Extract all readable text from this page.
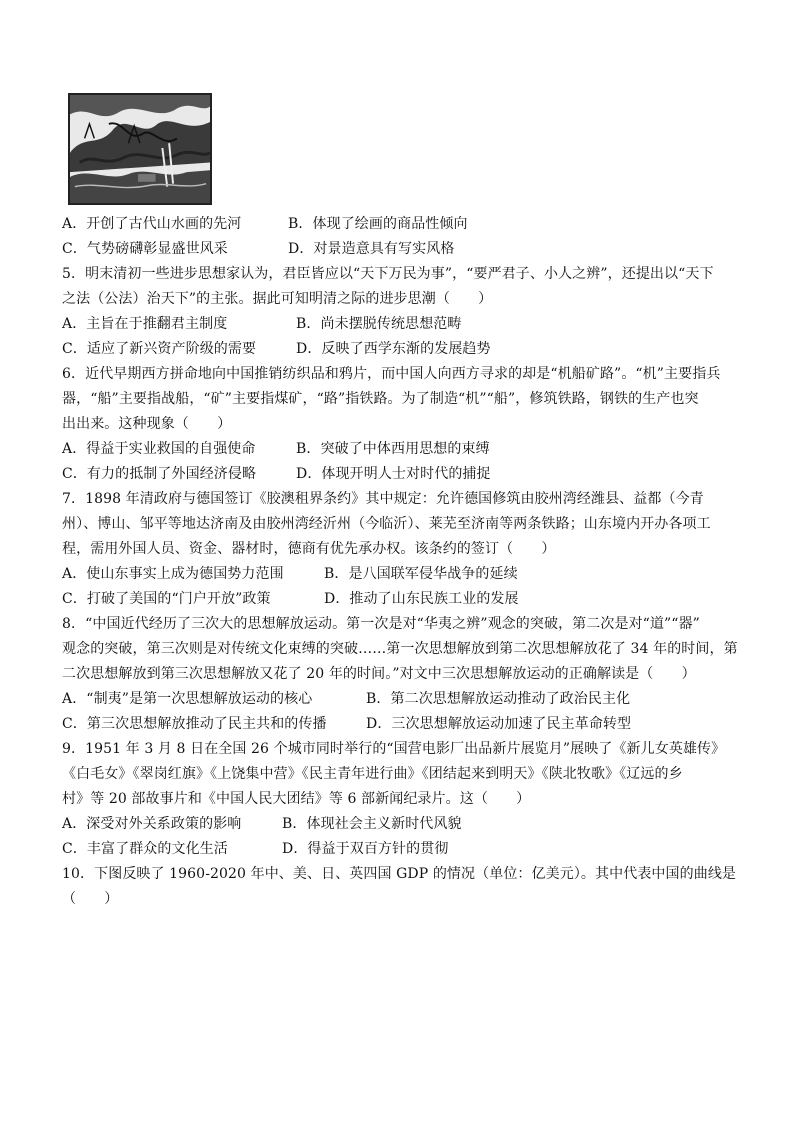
A．开创了古代山水画的先河	B．体现了绘画的商品性倾向
C．气势磅礴彰显盛世风采	D．对景造意具有写实风格
5．明末清初一些进步思想家认为，君臣皆应以“天下万民为事”，“要严君子、小人之辨”，还提出以“天下
之法（公法）治天下”的主张。据此可知明清之际的进步思潮（　　）
A．主旨在于推翻君主制度	B．尚未摆脱传统思想范畴
C．适应了新兴资产阶级的需要	D．反映了西学东渐的发展趋势
6．近代早期西方拼命地向中国推销纺织品和鸦片，而中国人向西方寻求的却是“机船矿路”。“机”主要指兵
器，“船”主要指战船，“矿”主要指煤矿，“路”指铁路。为了制造“机”“船”，修筑铁路，钢铁的生产也突
出出来。这种现象（　　）
A．得益于实业救国的自强使命	B．突破了中体西用思想的束缚
C．有力的抵制了外国经济侵略	D．体现开明人士对时代的捕捉
7．1898 年清政府与德国签订《胶澳租界条约》其中规定：允许德国修筑由胶州湾经潍县、益都（今青
州）、博山、邹平等地达济南及由胶州湾经沂州（今临沂）、莱芜至济南等两条铁路；山东境内开办各项工
程，需用外国人员、资金、器材时，德商有优先承办权。该条约的签订（　　）
A．使山东事实上成为德国势力范围	B．是八国联军侵华战争的延续
C．打破了美国的“门户开放”政策	D．推动了山东民族工业的发展
8．“中国近代经历了三次大的思想解放运动。第一次是对“华夷之辨”观念的突破，第二次是对“道”“器”
观念的突破，第三次则是对传统文化束缚的突破……第一次思想解放到第二次思想解放花了 34 年的时间，第
二次思想解放到第三次思想解放又花了 20 年的时间。”对文中三次思想解放运动的正确解读是（　　）
A．“制夷”是第一次思想解放运动的核心	B．第二次思想解放运动推动了政治民主化
C．第三次思想解放推动了民主共和的传播	D．三次思想解放运动加速了民主革命转型
9．1951 年 3 月 8 日在全国 26 个城市同时举行的“国营电影厂出品新片展览月”展映了《新儿女英雄传》
《白毛女》《翠岗红旗》《上饶集中营》《民主青年进行曲》《团结起来到明天》《陕北牧歌》《辽远的乡
村》等 20 部故事片和《中国人民大团结》等 6 部新闻纪录片。这（　　）
A．深受对外关系政策的影响	B．体现社会主义新时代风貌
C．丰富了群众的文化生活	D．得益于双百方针的贯彻
10．下图反映了 1960-2020 年中、美、日、英四国 GDP 的情况（单位：亿美元）。其中代表中国的曲线是
（　　）
